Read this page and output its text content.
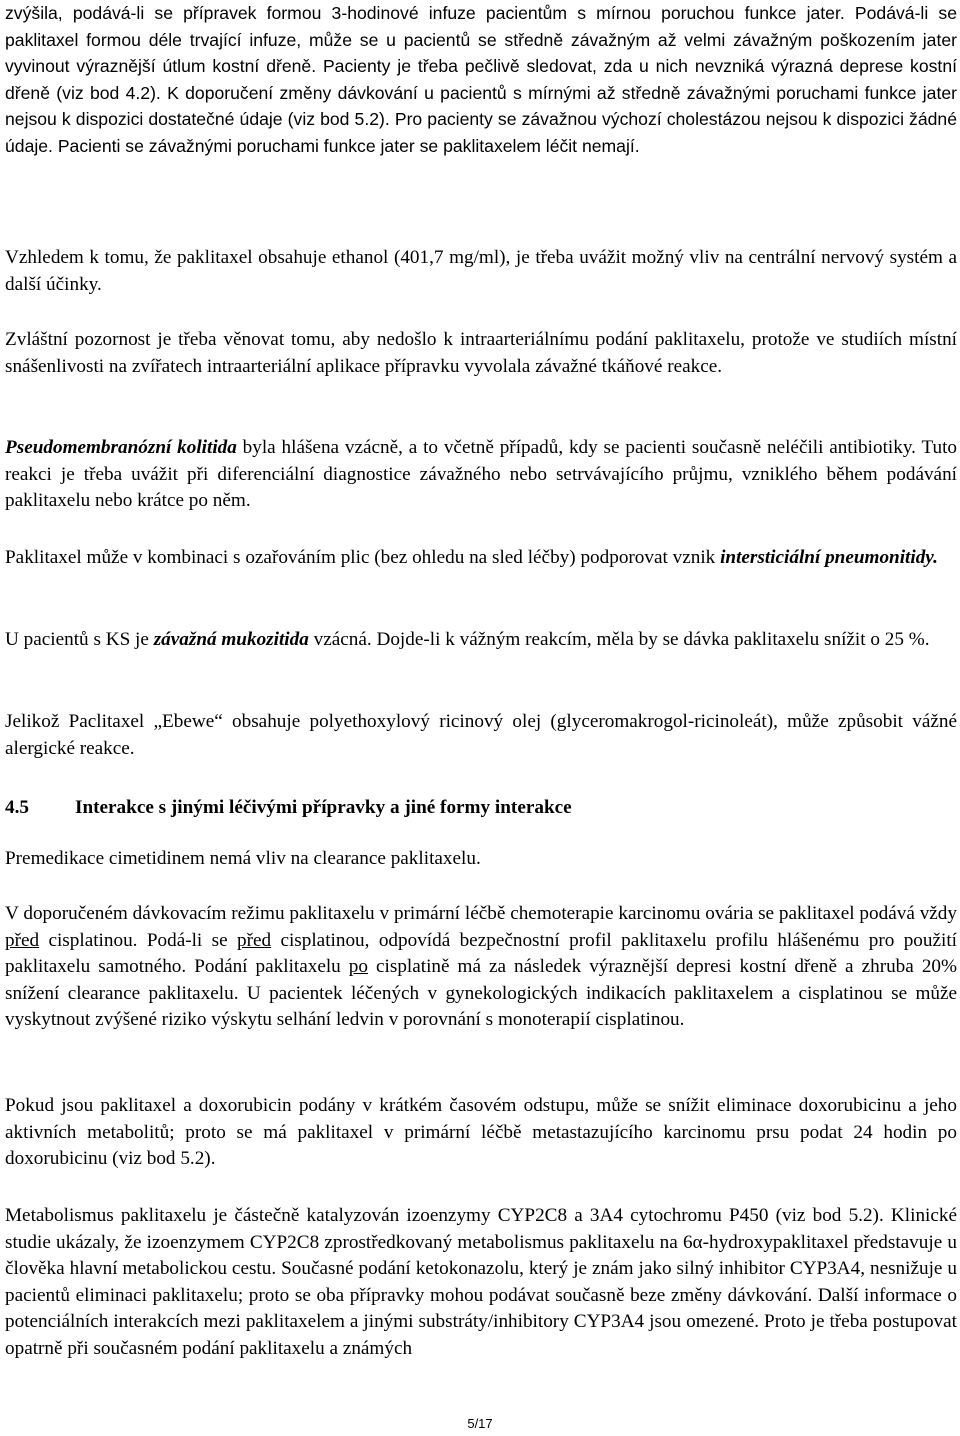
zvýšila, podává-li se přípravek formou 3-hodinové infuze pacientům s mírnou poruchou funkce jater. Podává-li se paklitaxel formou déle trvající infuze, může se u pacientů se středně závažným až velmi závažným poškozením jater vyvinout výraznější útlum kostní dřeně. Pacienty je třeba pečlivě sledovat, zda u nich nevzniká výrazná deprese kostní dřeně (viz bod 4.2). K doporučení změny dávkování u pacientů s mírnými až středně závažnými poruchami funkce jater nejsou k dispozici dostatečné údaje (viz bod 5.2). Pro pacienty se závažnou výchozí cholestázou nejsou k dispozici žádné údaje. Pacienti se závažnými poruchami funkce jater se paklitaxelem léčit nemají.

Vzhledem k tomu, že paklitaxel obsahuje ethanol (401,7 mg/ml), je třeba uvážit možný vliv na centrální nervový systém a další účinky.

Zvláštní pozornost je třeba věnovat tomu, aby nedošlo k intraarteriálnímu podání paklitaxelu, protože ve studiích místní snášenlivosti na zvířatech intraarteriální aplikace přípravku vyvolala závažné tkáňové reakce.

Pseudomembranózní kolitida byla hlášena vzácně, a to včetně případů, kdy se pacienti současně neléčili antibiotiky. Tuto reakci je třeba uvážit při diferenciální diagnostice závažného nebo setrvávajícího průjmu, vzniklého během podávání paklitaxelu nebo krátce po něm.

Paklitaxel může v kombinaci s ozařováním plic (bez ohledu na sled léčby) podporovat vznik intersticiální pneumonitidy.

U pacientů s KS je závažná mukozitida vzácná. Dojde-li k vážným reakcím, měla by se dávka paklitaxelu snížit o 25 %.

Jelikož Paclitaxel „Ebewe“ obsahuje polyethoxylový ricinový olej (glyceromakrogol-ricinoleát), může způsobit vážné alergické reakce.

4.5 Interakce s jinými léčivými přípravky a jiné formy interakce

Premedikace cimetidinem nemá vliv na clearance paklitaxelu.

V doporučeném dávkovacím režimu paklitaxelu v primární léčbě chemoterapie karcinomu ovária se paklitaxel podává vždy před cisplatinou. Podá-li se před cisplatinou, odpovídá bezpečnostní profil paklitaxelu profilu hlášenému pro použití paklitaxelu samotného. Podání paklitaxelu po cisplatině má za následek výraznější depresi kostní dřeně a zhruba 20% snížení clearance paklitaxelu. U pacientek léčených v gynekologických indikacích paklitaxelem a cisplatinou se může vyskytnout zvýšené riziko výskytu selhání ledvin v porovnání s monoterapií cisplatinou.

Pokud jsou paklitaxel a doxorubicin podány v krátkém časovém odstupu, může se snížit eliminace doxorubicinu a jeho aktivních metabolitů; proto se má paklitaxel v primární léčbě metastazujícího karcinomu prsu podat 24 hodin po doxorubicinu (viz bod 5.2).

Metabolismus paklitaxelu je částečně katalyzován izoenzymy CYP2C8 a 3A4 cytochromu P450 (viz bod 5.2). Klinické studie ukázaly, že izoenzymem CYP2C8 zprostředkovaný metabolismus paklitaxelu na 6α-hydroxypaklitaxel představuje u člověka hlavní metabolickou cestu. Současné podání ketokonazolu, který je znám jako silný inhibitor CYP3A4, nesnižuje u pacientů eliminaci paklitaxelu; proto se oba přípravky mohou podávat současně beze změny dávkování. Další informace o potenciálních interakcích mezi paklitaxelem a jinými substráty/inhibitory CYP3A4 jsou omezené. Proto je třeba postupovat opatrně při současném podání paklitaxelu a známých

5/17
